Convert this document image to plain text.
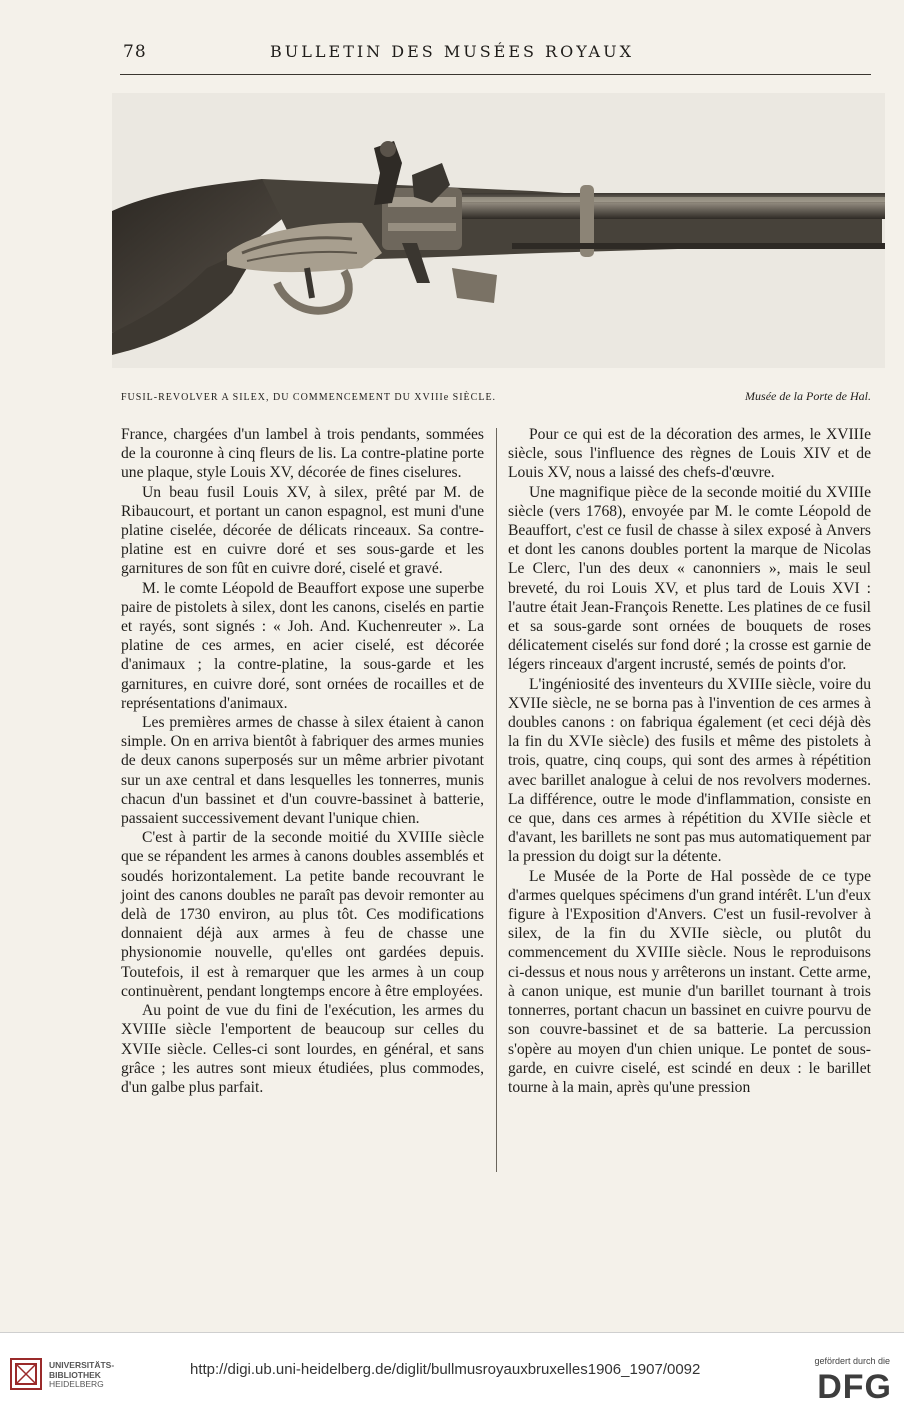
78	BULLETIN DES MUSÉES ROYAUX
FUSIL-REVOLVER A SILEX, DU COMMENCEMENT DU XVIIIe SIÈCLE.	Musée de la Porte de Hal.

France, chargées d'un lambel à trois pendants, sommées de la couronne à cinq fleurs de lis. La contre-platine porte une plaque, style Louis XV, décorée de fines ciselures.

Un beau fusil Louis XV, à silex, prêté par M. de Ribaucourt, et portant un canon espagnol, est muni d'une platine ciselée, décorée de délicats rinceaux. Sa contre-platine est en cuivre doré et ses sous-garde et les garnitures de son fût en cuivre doré, ciselé et gravé.

M. le comte Léopold de Beauffort expose une superbe paire de pistolets à silex, dont les canons, ciselés en partie et rayés, sont signés : « Joh. And. Kuchenreuter ». La platine de ces armes, en acier ciselé, est décorée d'animaux ; la contre-platine, la sous-garde et les garnitures, en cuivre doré, sont ornées de rocailles et de représentations d'animaux.

Les premières armes de chasse à silex étaient à canon simple. On en arriva bientôt à fabriquer des armes munies de deux canons superposés sur un même arbrier pivotant sur un axe central et dans lesquelles les tonnerres, munis chacun d'un bassinet et d'un couvre-bassinet à batterie, passaient successivement devant l'unique chien.

C'est à partir de la seconde moitié du XVIIIe siècle que se répandent les armes à canons doubles assemblés et soudés horizontalement. La petite bande recouvrant le joint des canons doubles ne paraît pas devoir remonter au delà de 1730 environ, au plus tôt. Ces modifications donnaient déjà aux armes à feu de chasse une physionomie nouvelle, qu'elles ont gardées depuis. Toutefois, il est à remarquer que les armes à un coup continuèrent, pendant longtemps encore à être employées.

Au point de vue du fini de l'exécution, les armes du XVIIIe siècle l'emportent de beaucoup sur celles du XVIIe siècle. Celles-ci sont lourdes, en général, et sans grâce ; les autres sont mieux étudiées, plus commodes, d'un galbe plus parfait.

Pour ce qui est de la décoration des armes, le XVIIIe siècle, sous l'influence des règnes de Louis XIV et de Louis XV, nous a laissé des chefs-d'œuvre.

Une magnifique pièce de la seconde moitié du XVIIIe siècle (vers 1768), envoyée par M. le comte Léopold de Beauffort, c'est ce fusil de chasse à silex exposé à Anvers et dont les canons doubles portent la marque de Nicolas Le Clerc, l'un des deux « canonniers », mais le seul breveté, du roi Louis XV, et plus tard de Louis XVI : l'autre était Jean-François Renette. Les platines de ce fusil et sa sous-garde sont ornées de bouquets de roses délicatement ciselés sur fond doré ; la crosse est garnie de légers rinceaux d'argent incrusté, semés de points d'or.

L'ingéniosité des inventeurs du XVIIIe siècle, voire du XVIIe siècle, ne se borna pas à l'invention de ces armes à doubles canons : on fabriqua également (et ceci déjà dès la fin du XVIe siècle) des fusils et même des pistolets à trois, quatre, cinq coups, qui sont des armes à répétition avec barillet analogue à celui de nos revolvers modernes. La différence, outre le mode d'inflammation, consiste en ce que, dans ces armes à répétition du XVIIe siècle et d'avant, les barillets ne sont pas mus automatiquement par la pression du doigt sur la détente.

Le Musée de la Porte de Hal possède de ce type d'armes quelques spécimens d'un grand intérêt. L'un d'eux figure à l'Exposition d'Anvers. C'est un fusil-revolver à silex, de la fin du XVIIe siècle, ou plutôt du commencement du XVIIIe siècle. Nous le reproduisons ci-dessus et nous nous y arrêterons un instant. Cette arme, à canon unique, est munie d'un barillet tournant à trois tonnerres, portant chacun un bassinet en cuivre pourvu de son couvre-bassinet et de sa batterie. La percussion s'opère au moyen d'un chien unique. Le pontet de sous-garde, en cuivre ciselé, est scindé en deux : le barillet tourne à la main, après qu'une pression

UNIVERSITÄTS-
BIBLIOTHEK
HEIDELBERG
http://digi.ub.uni-heidelberg.de/diglit/bullmusroyauxbruxelles1906_1907/0092	gefördert durch die
DFG
